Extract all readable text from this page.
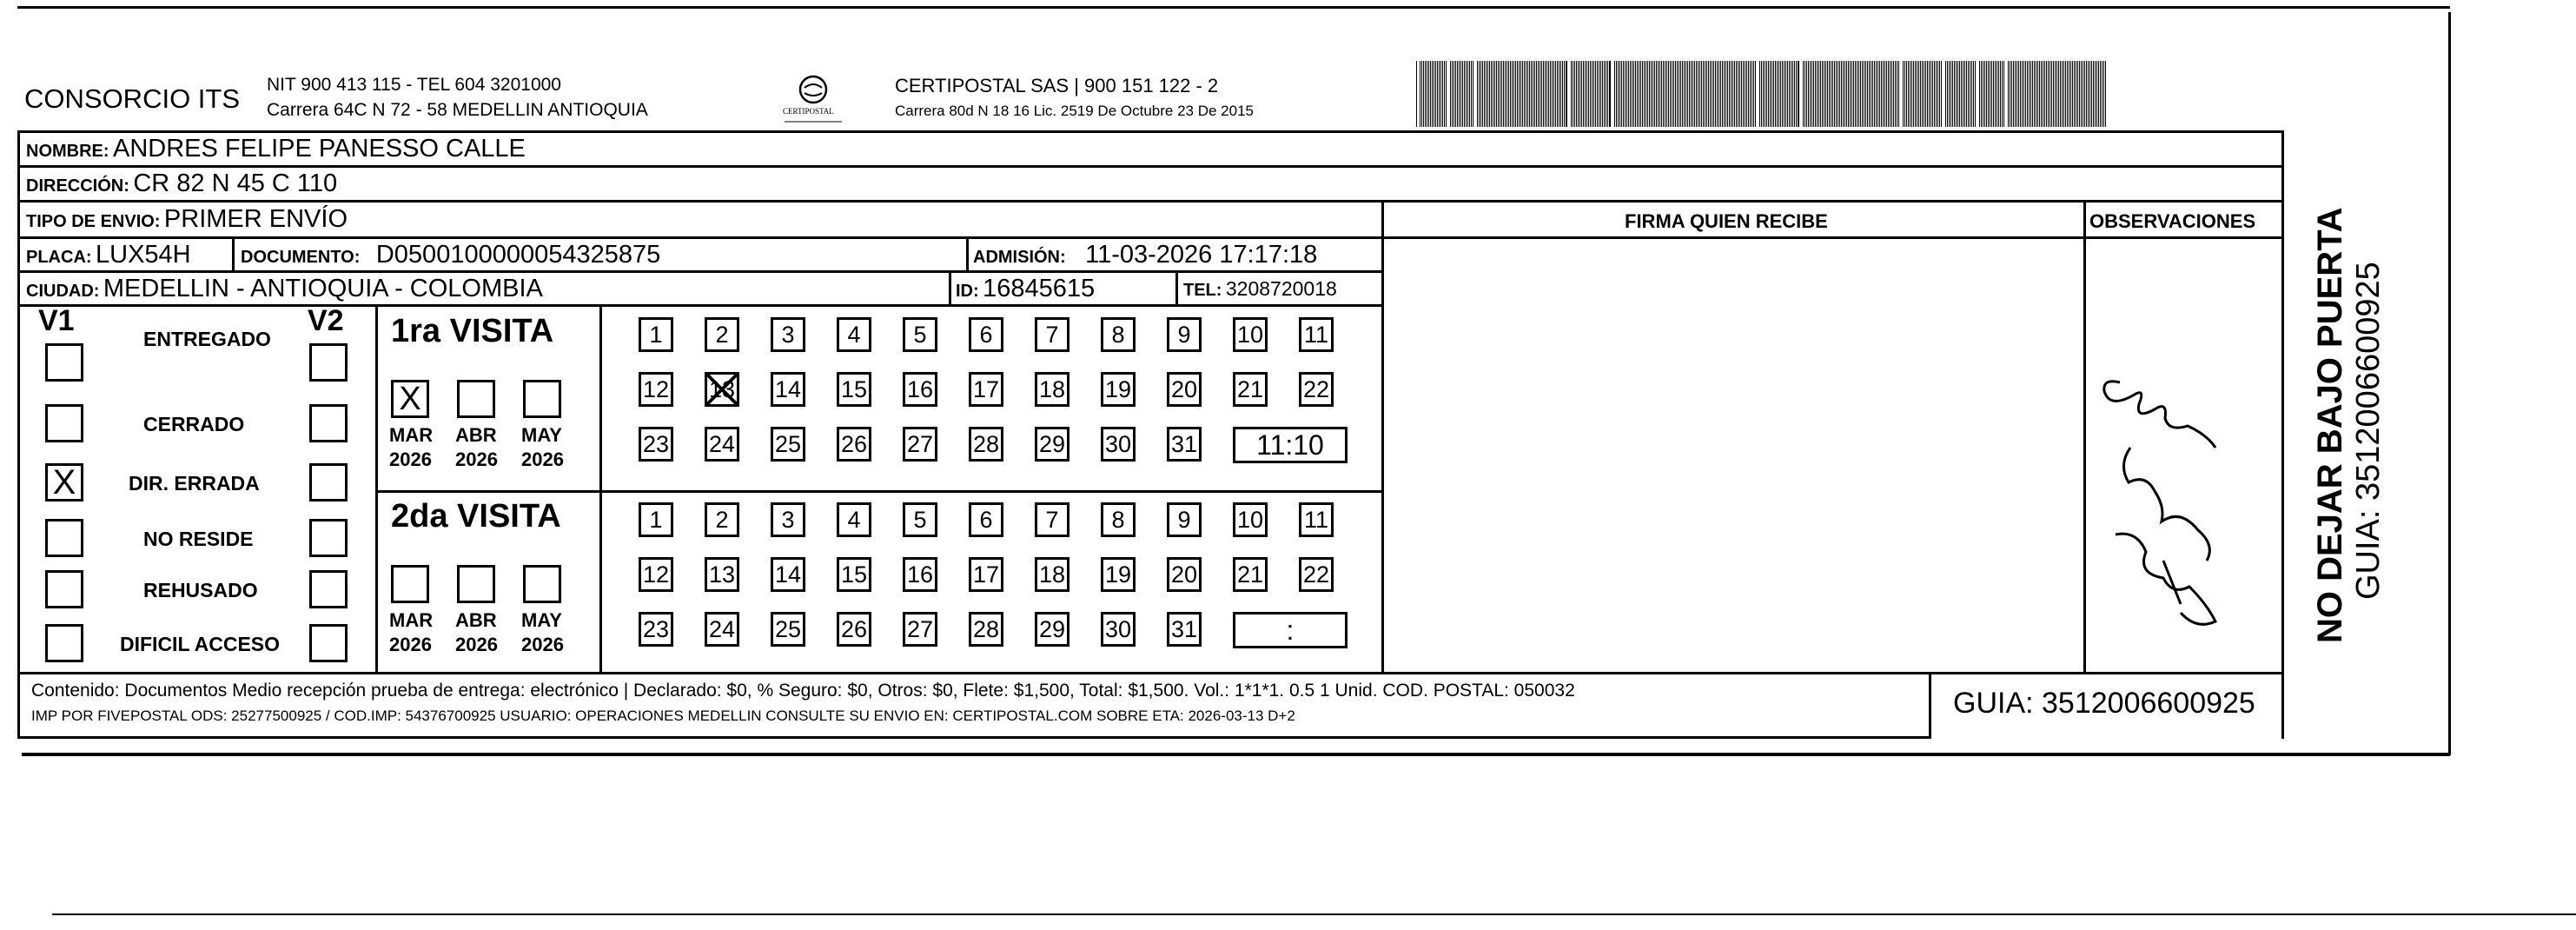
CONSORCIO ITS NIT 900 413 115 - TEL 604 3201000
Carrera 64C N 72 - 58 MEDELLIN ANTIOQUIA	CERTIPOSTAL
CERTIPOSTAL SAS | 900 151 122 - 2
Carrera 80d N 18 16 Lic. 2519 De Octubre 23 De 2015
NOMBRE: ANDRES FELIPE PANESSO CALLE
DIRECCIÓN: CR 82 N 45 C 110
TIPO DE ENVIO: PRIMER ENVÍO	FIRMA QUIEN RECIBE	OBSERVACIONES
PLACA: LUX54H	DOCUMENTO: D0500100000054325875	ADMISIÓN: 11-03-2026 17:17:18
CIUDAD: MEDELLIN - ANTIOQUIA - COLOMBIA	ID: 16845615	TEL: 3208720018
V1	V2
ENTREGADO
CERRADO
X	DIR. ERRADA
NO RESIDE
REHUSADO
DIFICIL ACCESO
1ra VISITA
X
MAR
2026
ABR
2026
MAY
2026
1	2	3	4	5	6	7	8	9	10 11
12 13 14 15 16 17 18 19 20 21 22
23 24 25 26 27 28 29 30 31	11:10
2da VISITA
MAR
2026
ABR
2026
MAY
2026
1	2	3	4	5	6	7	8	9	10 11
12 13 14 15 16 17 18 19 20 21 22
23 24 25 26 27 28 29 30 31	:	NO DEJAR BAJO PUERTA GUIA: 3512006600925
Contenido: Documentos Medio recepción prueba de entrega: electrónico | Declarado: $0, % Seguro: $0, Otros: $0, Flete: $1,500, Total: $1,500. Vol.: 1*1*1. 0.5 1 Unid. COD. POSTAL: 050032
IMP POR FIVEPOSTAL ODS: 25277500925 / COD.IMP: 54376700925 USUARIO: OPERACIONES MEDELLIN CONSULTE SU ENVIO EN: CERTIPOSTAL.COM SOBRE ETA: 2026-03-13 D+2	GUIA: 3512006600925
